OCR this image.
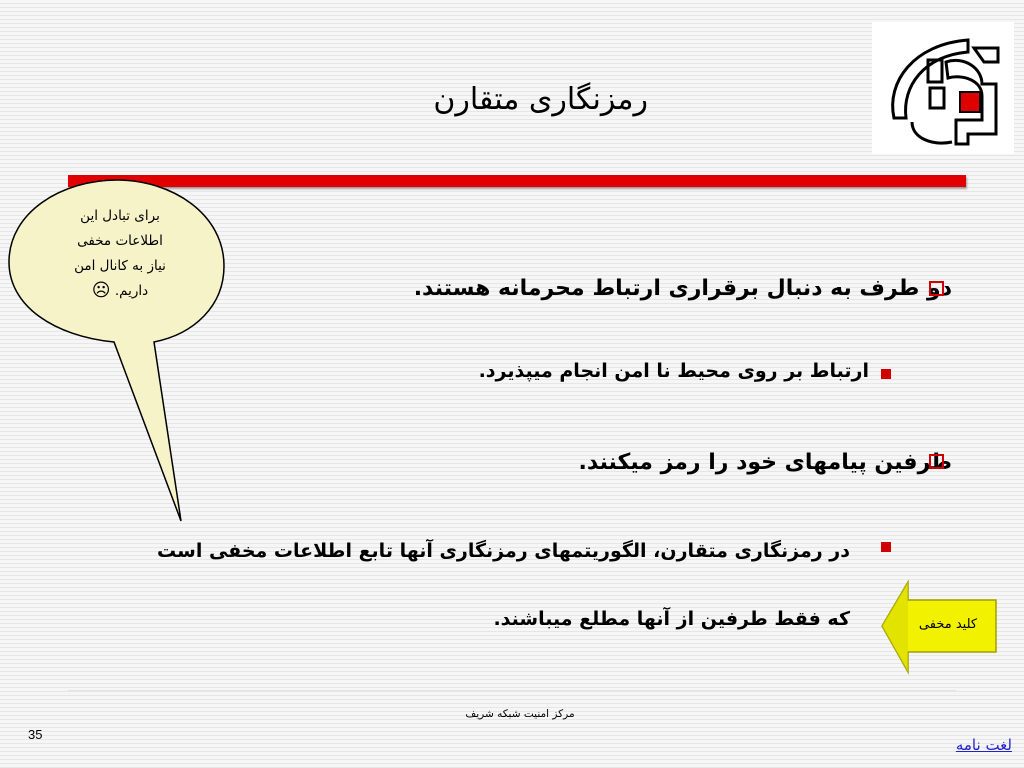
رمزنگاری متقارن
برای تبادل این
اطلاعات مخفی
نیاز به کانال امن
داریم. ☹	دو طرف به دنبال برقراری ارتباط محرمانه هستند.
ارتباط بر روی محیط نا امن انجام میپذیرد.
طرفین پیامهای خود را رمز میکنند.
در رمزنگاری متقارن، الگوریتمهای رمزنگاری آنها تابع اطلاعات مخفی است
که فقط طرفین از آنها مطلع میباشند.	کلید مخفی
مرکز امنیت شبکه شریف
35
لغت نامه
